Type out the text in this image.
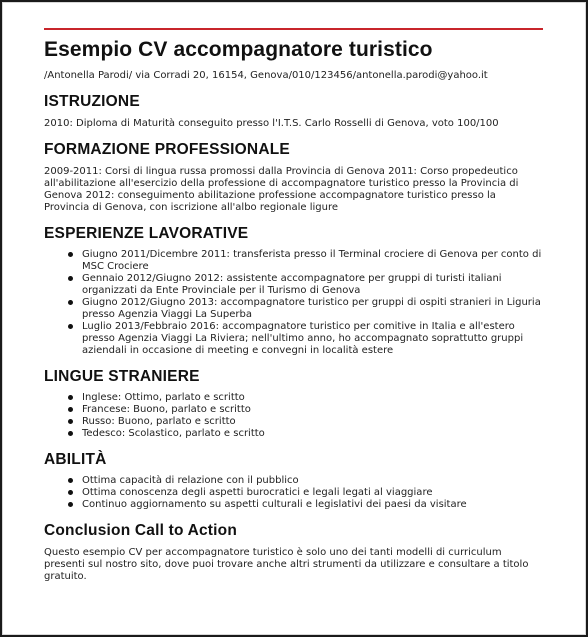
Esempio CV accompagnatore turistico

/Antonella Parodi/ via Corradi 20, 16154, Genova/010/123456/antonella.parodi@yahoo.it

ISTRUZIONE

2010: Diploma di Maturità conseguito presso l'I.T.S. Carlo Rosselli di Genova, voto 100/100

FORMAZIONE PROFESSIONALE

2009-2011: Corsi di lingua russa promossi dalla Provincia di Genova 2011: Corso propedeutico all'abilitazione all'esercizio della professione di accompagnatore turistico presso la Provincia di Genova 2012: conseguimento abilitazione professione accompagnatore turistico presso la Provincia di Genova, con iscrizione all'albo regionale ligure

ESPERIENZE LAVORATIVE
Giugno 2011/Dicembre 2011: transferista presso il Terminal crociere di Genova per conto di MSC Crociere
Gennaio 2012/Giugno 2012: assistente accompagnatore per gruppi di turisti italiani organizzati da Ente Provinciale per il Turismo di Genova
Giugno 2012/Giugno 2013: accompagnatore turistico per gruppi di ospiti stranieri in Liguria presso Agenzia Viaggi La Superba
Luglio 2013/Febbraio 2016: accompagnatore turistico per comitive in Italia e all'estero presso Agenzia Viaggi La Riviera; nell'ultimo anno, ho accompagnato soprattutto gruppi aziendali in occasione di meeting e convegni in località estere
LINGUE STRANIERE
Inglese: Ottimo, parlato e scritto
Francese: Buono, parlato e scritto
Russo: Buono, parlato e scritto
Tedesco: Scolastico, parlato e scritto
ABILITÀ
Ottima capacità di relazione con il pubblico
Ottima conoscenza degli aspetti burocratici e legali legati al viaggiare
Continuo aggiornamento su aspetti culturali e legislativi dei paesi da visitare
Conclusion Call to Action

Questo esempio CV per accompagnatore turistico è solo uno dei tanti modelli di curriculum presenti sul nostro sito, dove puoi trovare anche altri strumenti da utilizzare e consultare a titolo gratuito.
